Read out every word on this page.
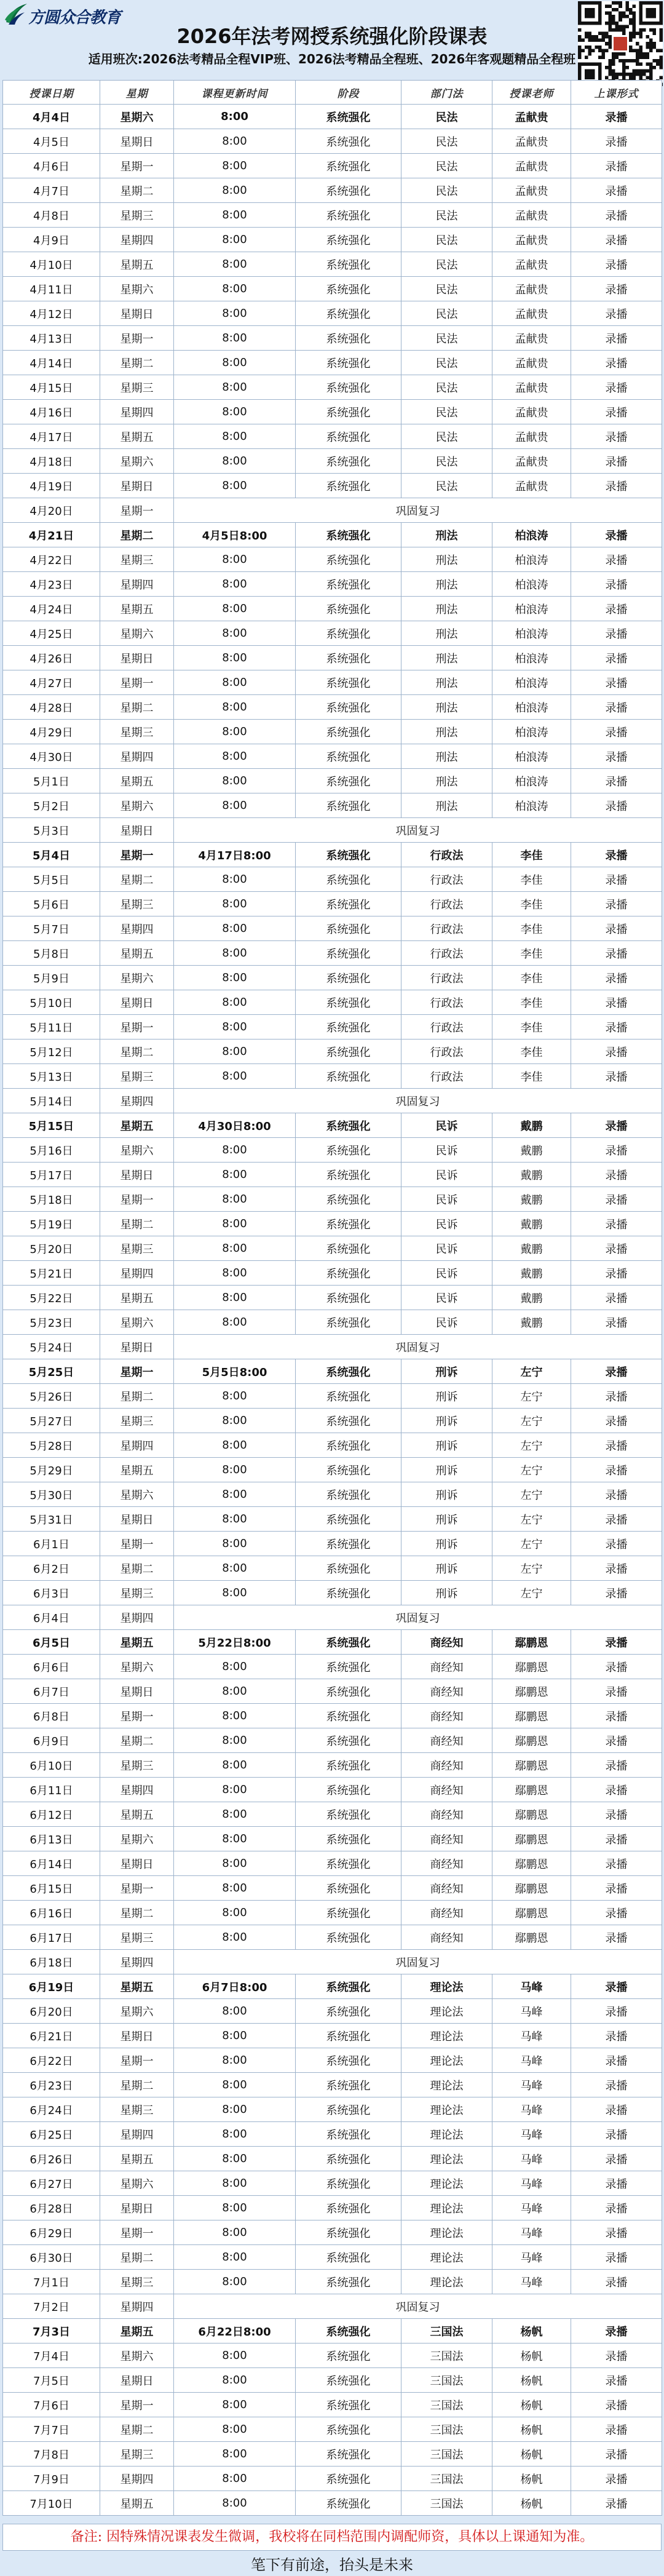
方圆众合教育
2026年法考网授系统强化阶段课表
适用班次:2026法考精品全程VIP班、2026法考精品全程班、2026年客观题精品全程班
授课日期	星期	课程更新时间	阶段	部门法	授课老师	上课形式
4月4日	星期六	8:00	系统强化	民法	孟献贵	录播
4月5日	星期日	8:00	系统强化	民法	孟献贵	录播
4月6日	星期一	8:00	系统强化	民法	孟献贵	录播
4月7日	星期二	8:00	系统强化	民法	孟献贵	录播
4月8日	星期三	8:00	系统强化	民法	孟献贵	录播
4月9日	星期四	8:00	系统强化	民法	孟献贵	录播
4月10日	星期五	8:00	系统强化	民法	孟献贵	录播
4月11日	星期六	8:00	系统强化	民法	孟献贵	录播
4月12日	星期日	8:00	系统强化	民法	孟献贵	录播
4月13日	星期一	8:00	系统强化	民法	孟献贵	录播
4月14日	星期二	8:00	系统强化	民法	孟献贵	录播
4月15日	星期三	8:00	系统强化	民法	孟献贵	录播
4月16日	星期四	8:00	系统强化	民法	孟献贵	录播
4月17日	星期五	8:00	系统强化	民法	孟献贵	录播
4月18日	星期六	8:00	系统强化	民法	孟献贵	录播
4月19日	星期日	8:00	系统强化	民法	孟献贵	录播
4月20日	星期一	巩固复习				
4月21日	星期二	4月5日8:00	系统强化	刑法	柏浪涛	录播
4月22日	星期三	8:00	系统强化	刑法	柏浪涛	录播
4月23日	星期四	8:00	系统强化	刑法	柏浪涛	录播
4月24日	星期五	8:00	系统强化	刑法	柏浪涛	录播
4月25日	星期六	8:00	系统强化	刑法	柏浪涛	录播
4月26日	星期日	8:00	系统强化	刑法	柏浪涛	录播
4月27日	星期一	8:00	系统强化	刑法	柏浪涛	录播
4月28日	星期二	8:00	系统强化	刑法	柏浪涛	录播
4月29日	星期三	8:00	系统强化	刑法	柏浪涛	录播
4月30日	星期四	8:00	系统强化	刑法	柏浪涛	录播
5月1日	星期五	8:00	系统强化	刑法	柏浪涛	录播
5月2日	星期六	8:00	系统强化	刑法	柏浪涛	录播
5月3日	星期日	巩固复习				
5月4日	星期一	4月17日8:00	系统强化	行政法	李佳	录播
5月5日	星期二	8:00	系统强化	行政法	李佳	录播
5月6日	星期三	8:00	系统强化	行政法	李佳	录播
5月7日	星期四	8:00	系统强化	行政法	李佳	录播
5月8日	星期五	8:00	系统强化	行政法	李佳	录播
5月9日	星期六	8:00	系统强化	行政法	李佳	录播
5月10日	星期日	8:00	系统强化	行政法	李佳	录播
5月11日	星期一	8:00	系统强化	行政法	李佳	录播
5月12日	星期二	8:00	系统强化	行政法	李佳	录播
5月13日	星期三	8:00	系统强化	行政法	李佳	录播
5月14日	星期四	巩固复习				
5月15日	星期五	4月30日8:00	系统强化	民诉	戴鹏	录播
5月16日	星期六	8:00	系统强化	民诉	戴鹏	录播
5月17日	星期日	8:00	系统强化	民诉	戴鹏	录播
5月18日	星期一	8:00	系统强化	民诉	戴鹏	录播
5月19日	星期二	8:00	系统强化	民诉	戴鹏	录播
5月20日	星期三	8:00	系统强化	民诉	戴鹏	录播
5月21日	星期四	8:00	系统强化	民诉	戴鹏	录播
5月22日	星期五	8:00	系统强化	民诉	戴鹏	录播
5月23日	星期六	8:00	系统强化	民诉	戴鹏	录播
5月24日	星期日	巩固复习				
5月25日	星期一	5月5日8:00	系统强化	刑诉	左宁	录播
5月26日	星期二	8:00	系统强化	刑诉	左宁	录播
5月27日	星期三	8:00	系统强化	刑诉	左宁	录播
5月28日	星期四	8:00	系统强化	刑诉	左宁	录播
5月29日	星期五	8:00	系统强化	刑诉	左宁	录播
5月30日	星期六	8:00	系统强化	刑诉	左宁	录播
5月31日	星期日	8:00	系统强化	刑诉	左宁	录播
6月1日	星期一	8:00	系统强化	刑诉	左宁	录播
6月2日	星期二	8:00	系统强化	刑诉	左宁	录播
6月3日	星期三	8:00	系统强化	刑诉	左宁	录播
6月4日	星期四	巩固复习				
6月5日	星期五	5月22日8:00	系统强化	商经知	鄢鹏恩	录播
6月6日	星期六	8:00	系统强化	商经知	鄢鹏恩	录播
6月7日	星期日	8:00	系统强化	商经知	鄢鹏恩	录播
6月8日	星期一	8:00	系统强化	商经知	鄢鹏恩	录播
6月9日	星期二	8:00	系统强化	商经知	鄢鹏恩	录播
6月10日	星期三	8:00	系统强化	商经知	鄢鹏恩	录播
6月11日	星期四	8:00	系统强化	商经知	鄢鹏恩	录播
6月12日	星期五	8:00	系统强化	商经知	鄢鹏恩	录播
6月13日	星期六	8:00	系统强化	商经知	鄢鹏恩	录播
6月14日	星期日	8:00	系统强化	商经知	鄢鹏恩	录播
6月15日	星期一	8:00	系统强化	商经知	鄢鹏恩	录播
6月16日	星期二	8:00	系统强化	商经知	鄢鹏恩	录播
6月17日	星期三	8:00	系统强化	商经知	鄢鹏恩	录播
6月18日	星期四	巩固复习				
6月19日	星期五	6月7日8:00	系统强化	理论法	马峰	录播
6月20日	星期六	8:00	系统强化	理论法	马峰	录播
6月21日	星期日	8:00	系统强化	理论法	马峰	录播
6月22日	星期一	8:00	系统强化	理论法	马峰	录播
6月23日	星期二	8:00	系统强化	理论法	马峰	录播
6月24日	星期三	8:00	系统强化	理论法	马峰	录播
6月25日	星期四	8:00	系统强化	理论法	马峰	录播
6月26日	星期五	8:00	系统强化	理论法	马峰	录播
6月27日	星期六	8:00	系统强化	理论法	马峰	录播
6月28日	星期日	8:00	系统强化	理论法	马峰	录播
6月29日	星期一	8:00	系统强化	理论法	马峰	录播
6月30日	星期二	8:00	系统强化	理论法	马峰	录播
7月1日	星期三	8:00	系统强化	理论法	马峰	录播
7月2日	星期四	巩固复习				
7月3日	星期五	6月22日8:00	系统强化	三国法	杨帆	录播
7月4日	星期六	8:00	系统强化	三国法	杨帆	录播
7月5日	星期日	8:00	系统强化	三国法	杨帆	录播
7月6日	星期一	8:00	系统强化	三国法	杨帆	录播
7月7日	星期二	8:00	系统强化	三国法	杨帆	录播
7月8日	星期三	8:00	系统强化	三国法	杨帆	录播
7月9日	星期四	8:00	系统强化	三国法	杨帆	录播
7月10日	星期五	8:00	系统强化	三国法	杨帆	录播
备注: 因特殊情况课表发生微调，我校将在同档范围内调配师资，具体以上课通知为准。
笔下有前途，抬头是未来
